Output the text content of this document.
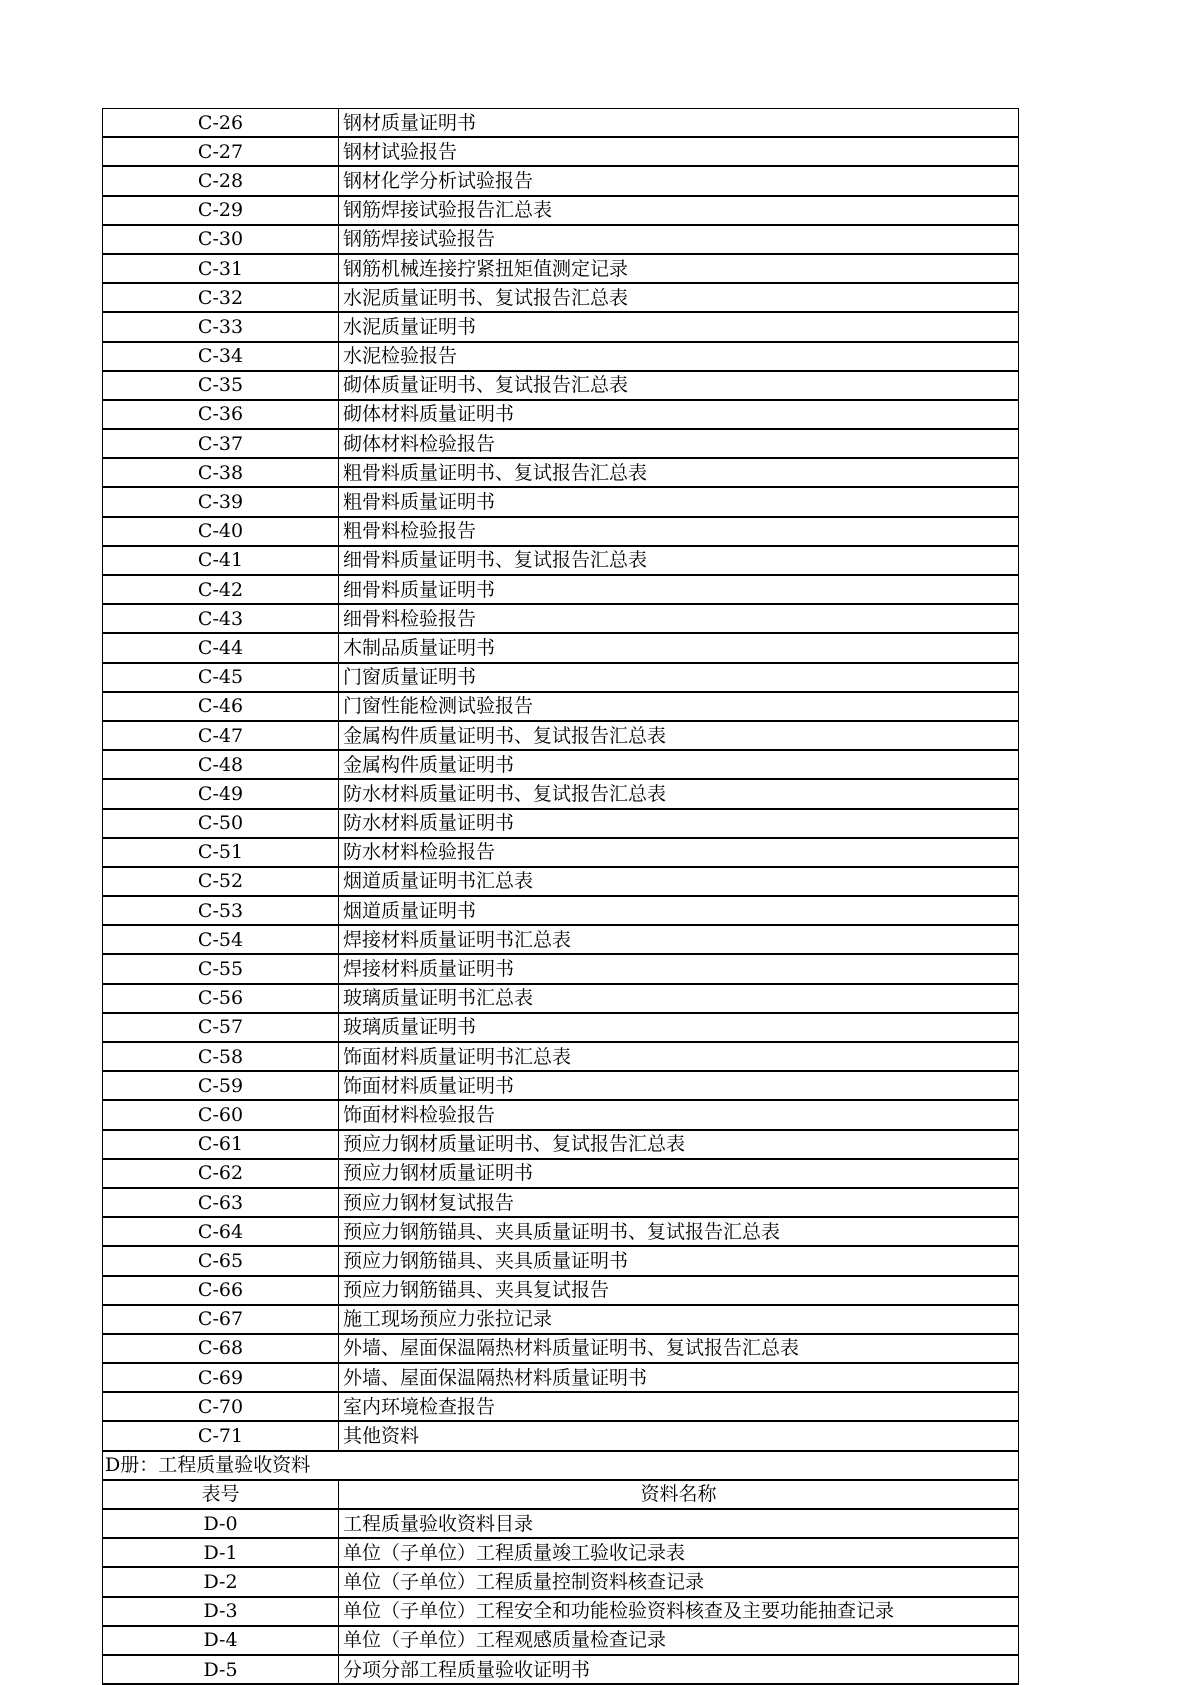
C-26	钢材质量证明书
C-27	钢材试验报告
C-28	钢材化学分析试验报告
C-29	钢筋焊接试验报告汇总表
C-30	钢筋焊接试验报告
C-31	钢筋机械连接拧紧扭矩值测定记录
C-32	水泥质量证明书、复试报告汇总表
C-33	水泥质量证明书
C-34	水泥检验报告
C-35	砌体质量证明书、复试报告汇总表
C-36	砌体材料质量证明书
C-37	砌体材料检验报告
C-38	粗骨料质量证明书、复试报告汇总表
C-39	粗骨料质量证明书
C-40	粗骨料检验报告
C-41	细骨料质量证明书、复试报告汇总表
C-42	细骨料质量证明书
C-43	细骨料检验报告
C-44	木制品质量证明书
C-45	门窗质量证明书
C-46	门窗性能检测试验报告
C-47	金属构件质量证明书、复试报告汇总表
C-48	金属构件质量证明书
C-49	防水材料质量证明书、复试报告汇总表
C-50	防水材料质量证明书
C-51	防水材料检验报告
C-52	烟道质量证明书汇总表
C-53	烟道质量证明书
C-54	焊接材料质量证明书汇总表
C-55	焊接材料质量证明书
C-56	玻璃质量证明书汇总表
C-57	玻璃质量证明书
C-58	饰面材料质量证明书汇总表
C-59	饰面材料质量证明书
C-60	饰面材料检验报告
C-61	预应力钢材质量证明书、复试报告汇总表
C-62	预应力钢材质量证明书
C-63	预应力钢材复试报告
C-64	预应力钢筋锚具、夹具质量证明书、复试报告汇总表
C-65	预应力钢筋锚具、夹具质量证明书
C-66	预应力钢筋锚具、夹具复试报告
C-67	施工现场预应力张拉记录
C-68	外墙、屋面保温隔热材料质量证明书、复试报告汇总表
C-69	外墙、屋面保温隔热材料质量证明书
C-70	室内环境检查报告
C-71	其他资料
D册：工程质量验收资料	
表号	资料名称
D-0	工程质量验收资料目录
D-1	单位（子单位）工程质量竣工验收记录表
D-2	单位（子单位）工程质量控制资料核查记录
D-3	单位（子单位）工程安全和功能检验资料核查及主要功能抽查记录
D-4	单位（子单位）工程观感质量检查记录
D-5	分项分部工程质量验收证明书
